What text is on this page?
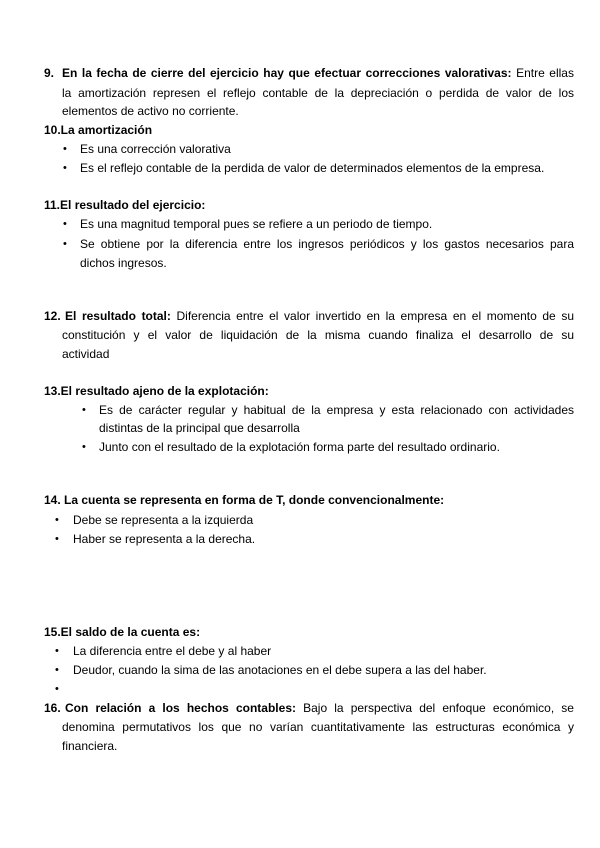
9. En la fecha de cierre del ejercicio hay que efectuar correcciones valorativas: Entre ellas
la amortización represen el reflejo contable de la depreciación o perdida de valor de los
elementos de activo no corriente.
10.La amortización
• Es una corrección valorativa
• Es el reflejo contable de la perdida de valor de determinados elementos de la empresa.
11.El resultado del ejercicio:
• Es una magnitud temporal pues se refiere a un periodo de tiempo.
• Se obtiene por la diferencia entre los ingresos periódicos y los gastos necesarios para
dichos ingresos.
12. El resultado total: Diferencia entre el valor invertido en la empresa en el momento de su
constitución y el valor de liquidación de la misma cuando finaliza el desarrollo de su
actividad
13.El resultado ajeno de la explotación:
• Es de carácter regular y habitual de la empresa y esta relacionado con actividades
distintas de la principal que desarrolla
• Junto con el resultado de la explotación forma parte del resultado ordinario.
14. La cuenta se representa en forma de T, donde convencionalmente:
• Debe se representa a la izquierda
• Haber se representa a la derecha.
15.El saldo de la cuenta es:
• La diferencia entre el debe y al haber
• Deudor, cuando la sima de las anotaciones en el debe supera a las del haber.
•
16. Con relación a los hechos contables: Bajo la perspectiva del enfoque económico, se
denomina permutativos los que no varían cuantitativamente las estructuras económica y
financiera.
